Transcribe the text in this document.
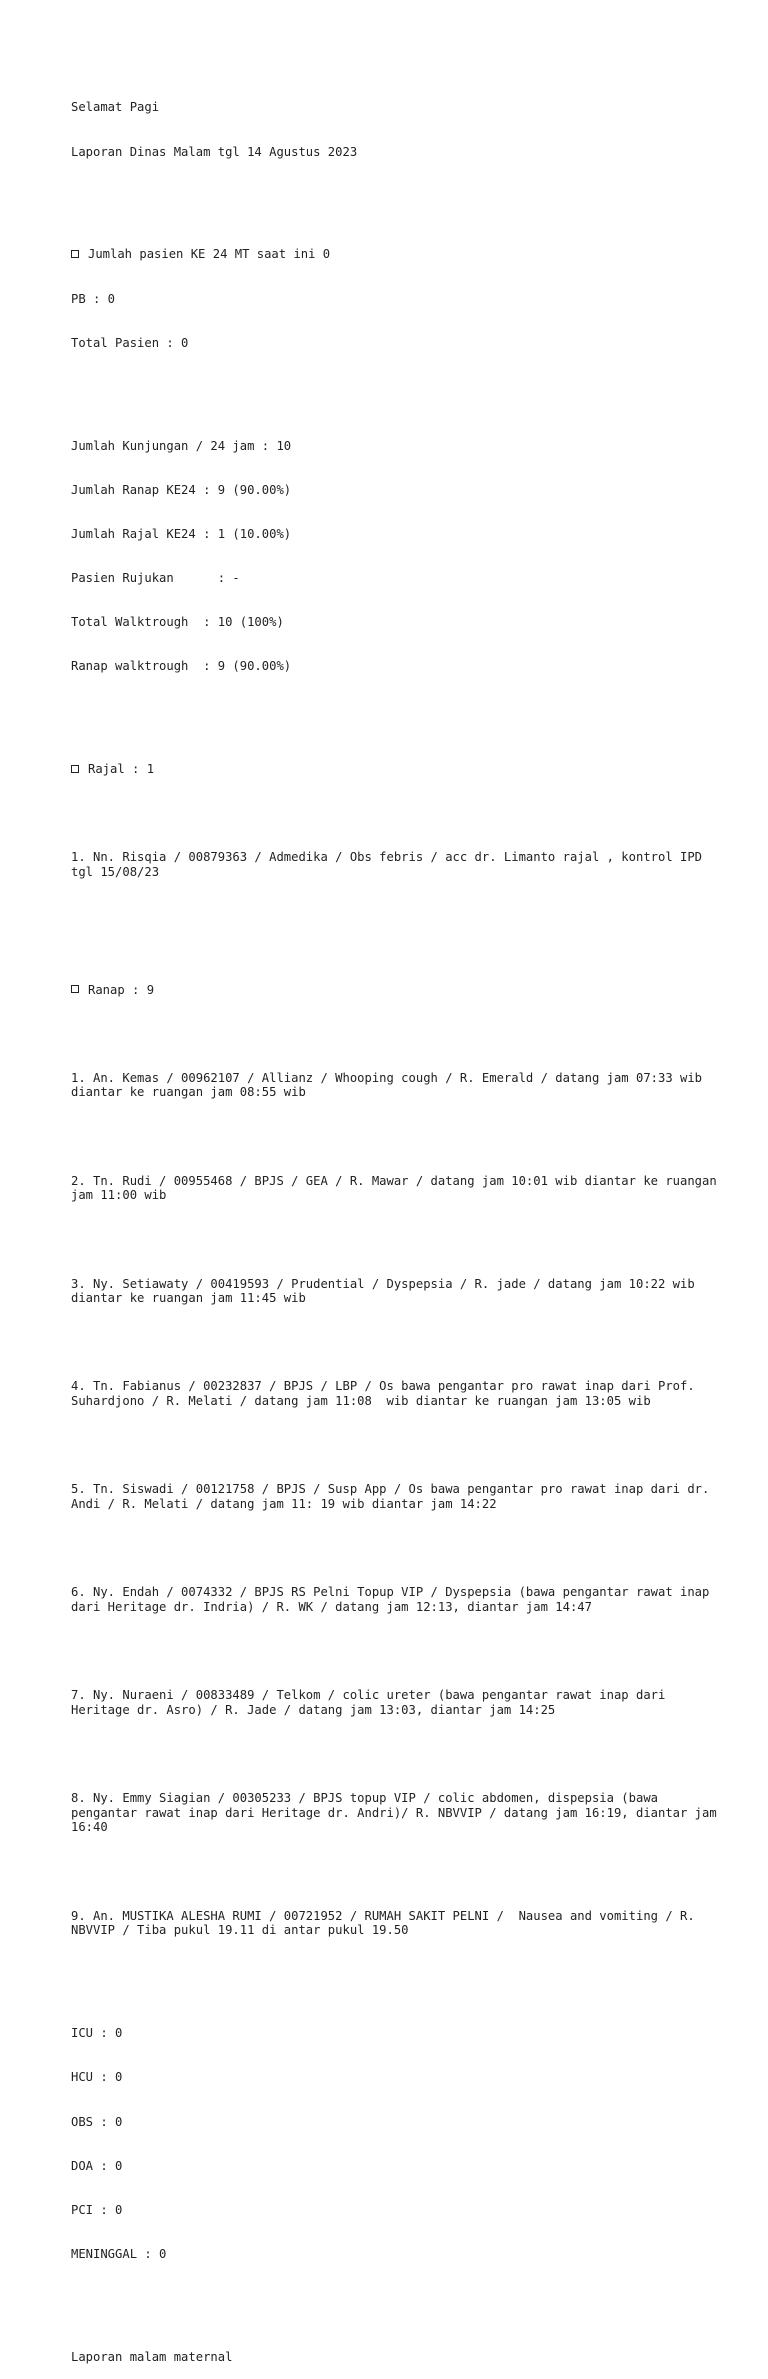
Selamat Pagi

Laporan Dinas Malam tgl 14 Agustus 2023

Jumlah pasien KE 24 MT saat ini 0

PB : 0

Total Pasien : 0

Jumlah Kunjungan / 24 jam : 10

Jumlah Ranap KE24 : 9 (90.00%)

Jumlah Rajal KE24 : 1 (10.00%)

Pasien Rujukan      : -

Total Walktrough  : 10 (100%)

Ranap walktrough  : 9 (90.00%)

Rajal : 1

1. Nn. Risqia / 00879363 / Admedika / Obs febris / acc dr. Limanto rajal , kontrol IPD tgl 15/08/23

Ranap : 9

1. An. Kemas / 00962107 / Allianz / Whooping cough / R. Emerald / datang jam 07:33 wib diantar ke ruangan jam 08:55 wib

2. Tn. Rudi / 00955468 / BPJS / GEA / R. Mawar / datang jam 10:01 wib diantar ke ruangan jam 11:00 wib

3. Ny. Setiawaty / 00419593 / Prudential / Dyspepsia / R. jade / datang jam 10:22 wib diantar ke ruangan jam 11:45 wib

4. Tn. Fabianus / 00232837 / BPJS / LBP / Os bawa pengantar pro rawat inap dari Prof. Suhardjono / R. Melati / datang jam 11:08  wib diantar ke ruangan jam 13:05 wib

5. Tn. Siswadi / 00121758 / BPJS / Susp App / Os bawa pengantar pro rawat inap dari dr. Andi / R. Melati / datang jam 11: 19 wib diantar jam 14:22

6. Ny. Endah / 0074332 / BPJS RS Pelni Topup VIP / Dyspepsia (bawa pengantar rawat inap dari Heritage dr. Indria) / R. WK / datang jam 12:13, diantar jam 14:47

7. Ny. Nuraeni / 00833489 / Telkom / colic ureter (bawa pengantar rawat inap dari Heritage dr. Asro) / R. Jade / datang jam 13:03, diantar jam 14:25

8. Ny. Emmy Siagian / 00305233 / BPJS topup VIP / colic abdomen, dispepsia (bawa pengantar rawat inap dari Heritage dr. Andri)/ R. NBVVIP / datang jam 16:19, diantar jam 16:40

9. An. MUSTIKA ALESHA RUMI / 00721952 / RUMAH SAKIT PELNI /  Nausea and vomiting / R. NBVVIP / Tiba pukul 19.11 di antar pukul 19.50

ICU : 0

HCU : 0

OBS : 0

DOA : 0

PCI : 0

MENINGGAL : 0

Laporan malam maternal
